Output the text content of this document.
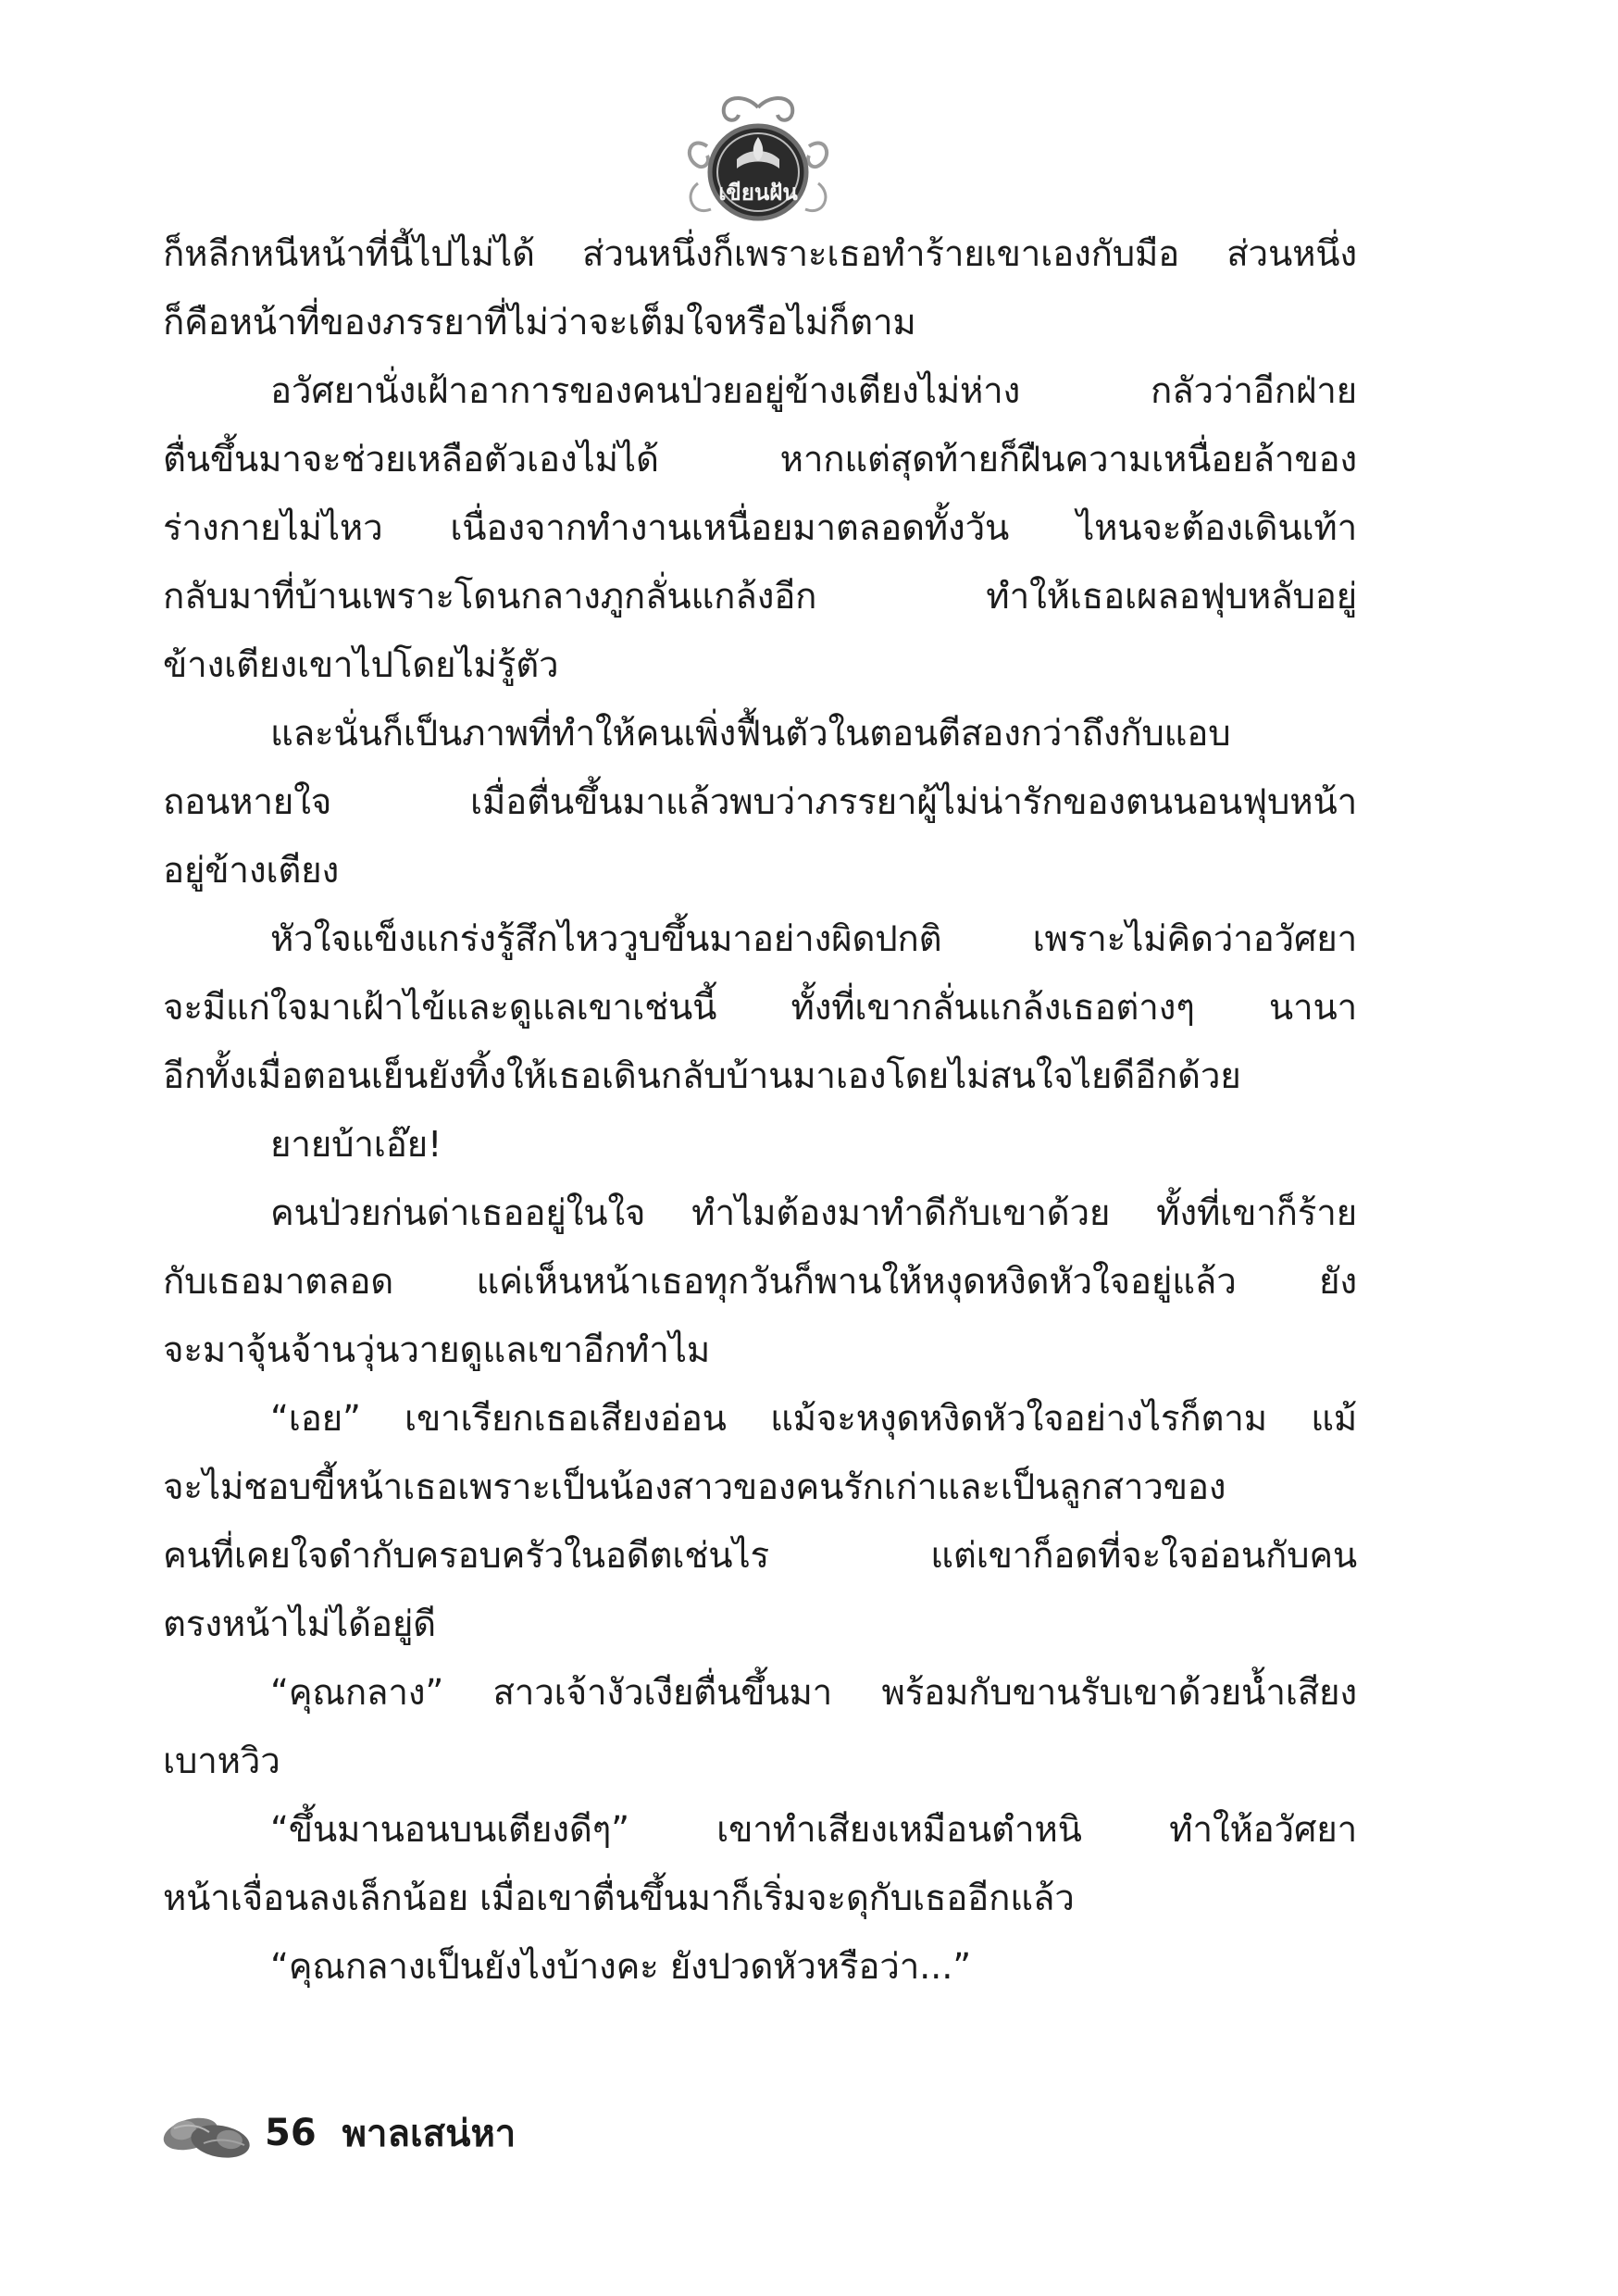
เขียนฝัน
ก็หลีกหนีหน้าที่นี้ไปไม่ได้ ส่วนหนึ่งก็เพราะเธอทำร้ายเขาเองกับมือ ส่วนหนึ่ง
ก็คือหน้าที่ของภรรยาที่ไม่ว่าจะเต็มใจหรือไม่ก็ตาม
อวัศยานั่งเฝ้าอาการของคนป่วยอยู่ข้างเตียงไม่ห่าง กลัวว่าอีกฝ่าย
ตื่นขึ้นมาจะช่วยเหลือตัวเองไม่ได้ หากแต่สุดท้ายก็ฝืนความเหนื่อยล้าของ
ร่างกายไม่ไหว เนื่องจากทำงานเหนื่อยมาตลอดทั้งวัน ไหนจะต้องเดินเท้า
กลับมาที่บ้านเพราะโดนกลางภูกลั่นแกล้งอีก ทำให้เธอเผลอฟุบหลับอยู่
ข้างเตียงเขาไปโดยไม่รู้ตัว
และนั่นก็เป็นภาพที่ทำให้คนเพิ่งฟื้นตัวในตอนตีสองกว่าถึงกับแอบ
ถอนหายใจ เมื่อตื่นขึ้นมาแล้วพบว่าภรรยาผู้ไม่น่ารักของตนนอนฟุบหน้า
อยู่ข้างเตียง
หัวใจแข็งแกร่งรู้สึกไหววูบขึ้นมาอย่างผิดปกติ เพราะไม่คิดว่าอวัศยา
จะมีแก่ใจมาเฝ้าไข้และดูแลเขาเช่นนี้ ทั้งที่เขากลั่นแกล้งเธอต่างๆ นานา
อีกทั้งเมื่อตอนเย็นยังทิ้งให้เธอเดินกลับบ้านมาเองโดยไม่สนใจไยดีอีกด้วย
ยายบ้าเอ๊ย!
คนป่วยก่นด่าเธออยู่ในใจ ทำไมต้องมาทำดีกับเขาด้วย ทั้งที่เขาก็ร้าย
กับเธอมาตลอด แค่เห็นหน้าเธอทุกวันก็พานให้หงุดหงิดหัวใจอยู่แล้ว ยัง
จะมาจุ้นจ้านวุ่นวายดูแลเขาอีกทำไม
“เอย” เขาเรียกเธอเสียงอ่อน แม้จะหงุดหงิดหัวใจอย่างไรก็ตาม แม้
จะไม่ชอบขี้หน้าเธอเพราะเป็นน้องสาวของคนรักเก่าและเป็นลูกสาวของ
คนที่เคยใจดำกับครอบครัวในอดีตเช่นไร แต่เขาก็อดที่จะใจอ่อนกับคน
ตรงหน้าไม่ได้อยู่ดี
“คุณกลาง” สาวเจ้างัวเงียตื่นขึ้นมา พร้อมกับขานรับเขาด้วยน้ำเสียง
เบาหวิว
“ขึ้นมานอนบนเตียงดีๆ” เขาทำเสียงเหมือนตำหนิ ทำให้อวัศยา
หน้าเจื่อนลงเล็กน้อย เมื่อเขาตื่นขึ้นมาก็เริ่มจะดุกับเธออีกแล้ว
“คุณกลางเป็นยังไงบ้างคะ ยังปวดหัวหรือว่า...”
56 พาลเสน่หา
